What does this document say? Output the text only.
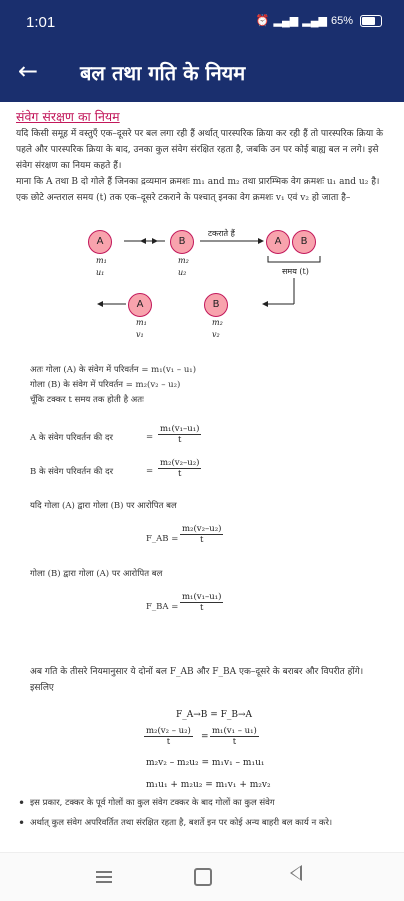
1:01	⏰ ▂▄▆ ▂▄▆ 65%
←	बल तथा गति के नियम
संवेग संरक्षण का नियम
यदि किसी समूह में वस्तुएँ एक–दूसरे पर बल लगा रही हैं अर्थात् पारस्परिक क्रिया कर रही हैं तो पारस्परिक क्रिया के पहले और पारस्परिक क्रिया के बाद, उनका कुल संवेग संरक्षित रहता है, जबकि उन पर कोई बाह्य बल न लगे। इसे संवेग संरक्षण का नियम कहते हैं।
माना कि A तथा B दो गोले हैं जिनका द्रव्यमान क्रमशः m₁ and m₂ तथा प्रारम्भिक वेग क्रमशः u₁ and u₂ है। एक छोटे अन्तराल समय (t) तक एक–दूसरे टकराने के पश्चात् इनका वेग क्रमशः v₁ एवं v₂ हो जाता है–
A	B	A	B
A	B
m₁
u₁
m₂
u₂
टकराते हैं
समय (t)
m₁
v₁
m₂
v₂
अतः गोला (A) के संवेग में परिवर्तन = m₁(v₁ – u₁)
गोला (B) के संवेग में परिवर्तन = m₂(v₂ – u₂)
चूँकि टक्कर t समय तक होती है अतः
A के संवेग परिवर्तन की दर	= $\frac{\text{m₁(v₁–u₁)}}{t}$
B के संवेग परिवर्तन की दर	= $\frac{\text{m₂(v₂–u₂)}}{t}$
यदि गोला (A) द्वारा गोला (B) पर आरोपित बल
F_AB = $\frac{\text{m₂(v₂–u₂)}}{t}$
गोला (B) द्वारा गोला (A) पर आरोपित बल
F_BA = $\frac{\text{m₁(v₁–u₁)}}{t}$
अब गति के तीसरे नियमानुसार ये दोनों बल F_AB और F_BA एक–दूसरे के बराबर और विपरीत होंगे। इसलिए
F_A→B = F_B→A
$\frac{\text{m₂(v₂ – u₂)}}{t} = \frac{\text{m₁(v₁ – u₁)}}{t}$
m₂v₂ – m₂u₂ = m₁v₁ – m₁u₁
m₁u₁ + m₂u₂ = m₁v₁ + m₂v₂
• इस प्रकार, टक्कर के पूर्व गोलों का कुल संवेग टक्कर के बाद गोलों का कुल संवेग
• अर्थात् कुल संवेग अपरिवर्तित तथा संरक्षित रहता है, बशर्ते इन पर कोई अन्य बाहरी बल कार्य न करे।
